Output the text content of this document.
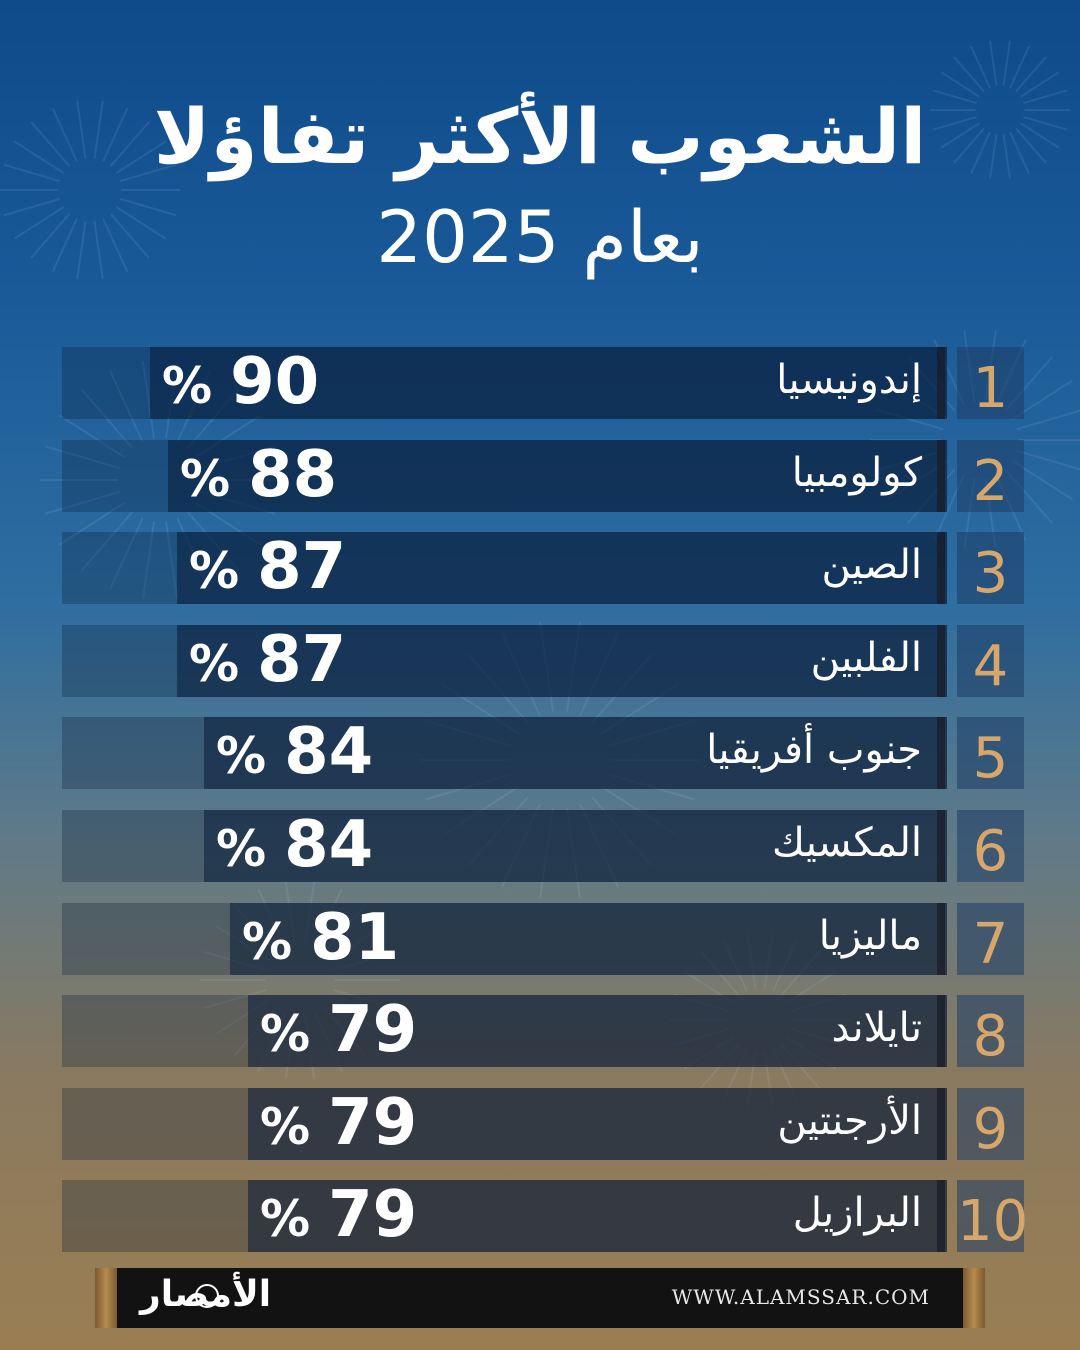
الشعوب الأكثر تفاؤلا
بعام 2025
1
إندونيسيا
% 90
2
كولومبيا
% 88
3
الصين
% 87
4
الفلبين
% 87
5
جنوب أفريقيا
% 84
6
المكسيك
% 84
7
ماليزيا
% 81
8
تايلاند
% 79
9
الأرجنتين
% 79
10
البرازيل
% 79
الأمصار	WWW.ALAMSSAR.COM
